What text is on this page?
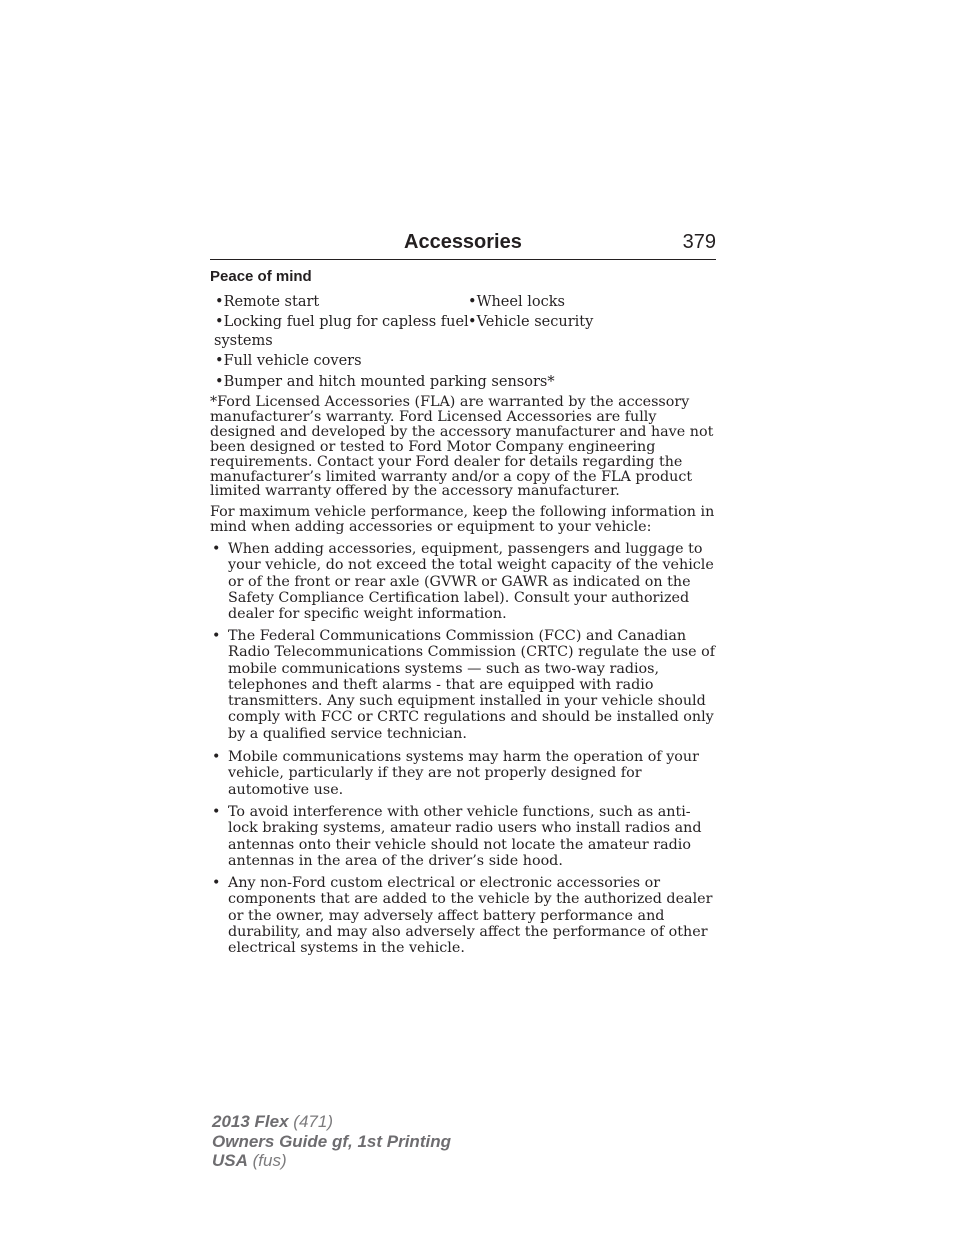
Accessories	379
Peace of mind
•Remote start
•Locking fuel plug for capless fuel
systems
•Full vehicle covers
•Bumper and hitch mounted parking sensors*
•Wheel locks
•Vehicle security

*Ford Licensed Accessories (FLA) are warranted by the accessory manufacturer’s warranty. Ford Licensed Accessories are fully designed and developed by the accessory manufacturer and have not been designed or tested to Ford Motor Company engineering requirements. Contact your Ford dealer for details regarding the manufacturer’s limited warranty and/or a copy of the FLA product limited warranty offered by the accessory manufacturer.

For maximum vehicle performance, keep the following information in mind when adding accessories or equipment to your vehicle:

• When adding accessories, equipment, passengers and luggage to your vehicle, do not exceed the total weight capacity of the vehicle or of the front or rear axle (GVWR or GAWR as indicated on the Safety Compliance Certification label). Consult your authorized dealer for specific weight information.
• The Federal Communications Commission (FCC) and Canadian Radio Telecommunications Commission (CRTC) regulate the use of mobile communications systems — such as two-way radios, telephones and theft alarms - that are equipped with radio transmitters. Any such equipment installed in your vehicle should comply with FCC or CRTC regulations and should be installed only by a qualified service technician.
• Mobile communications systems may harm the operation of your vehicle, particularly if they are not properly designed for automotive use.
• To avoid interference with other vehicle functions, such as anti-lock braking systems, amateur radio users who install radios and antennas onto their vehicle should not locate the amateur radio antennas in the area of the driver’s side hood.
• Any non-Ford custom electrical or electronic accessories or components that are added to the vehicle by the authorized dealer or the owner, may adversely affect battery performance and durability, and may also adversely affect the performance of other electrical systems in the vehicle.
2013 Flex (471)
Owners Guide gf, 1st Printing
USA (fus)
